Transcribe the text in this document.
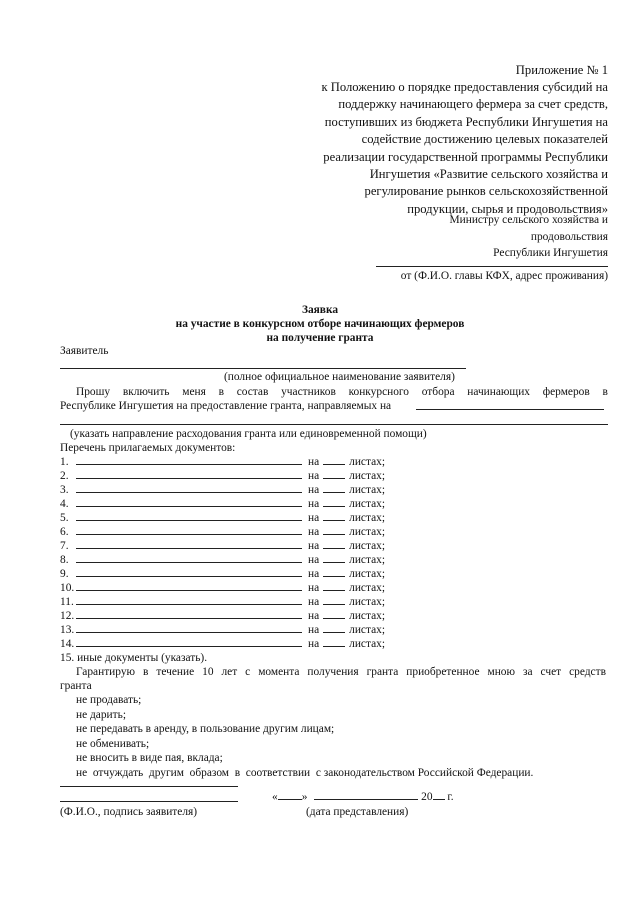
Приложение № 1
к Положению о порядке предоставления субсидий на
поддержку начинающего фермера за счет средств,
поступивших из бюджета Республики Ингушетия на
содействие достижению целевых показателей
реализации государственной программы Республики
Ингушетия «Развитие сельского хозяйства и
регулирование рынков сельскохозяйственной
продукции, сырья и продовольствия»
Министру сельского хозяйства и
продовольствия
Республики Ингушетия
от (Ф.И.О. главы КФХ, адрес проживания)
Заявка
на участие в конкурсном отборе начинающих фермеров
на получение гранта
Заявитель
(полное официальное наименование заявителя)
Прошу включить меня в состав участников конкурсного отбора начинающих фермеров в
Республике Ингушетия на предоставление гранта, направляемых на
(указать направление расходования гранта или единовременной помощи)
Перечень прилагаемых документов:
1.	на	листах;
2.	на	листах;
3.	на	листах;
4.	на	листах;
5.	на	листах;
6.	на	листах;
7.	на	листах;
8.	на	листах;
9.	на	листах;
10.	на	листах;
11.	на	листах;
12.	на	листах;
13.	на	листах;
14.	на	листах;
15. иные документы (указать).
Гарантирую в течение 10 лет с момента получения гранта приобретенное мною за счет средств
гранта
не продавать;
не дарить;
не передавать в аренду, в пользование другим лицам;
не обменивать;
не вносить в виде пая, вклада;
не  отчуждать  другим  образом  в  соответствии  с законодательством Российской Федерации.
« »	20 г.
(Ф.И.О., подпись заявителя)	(дата представления)
